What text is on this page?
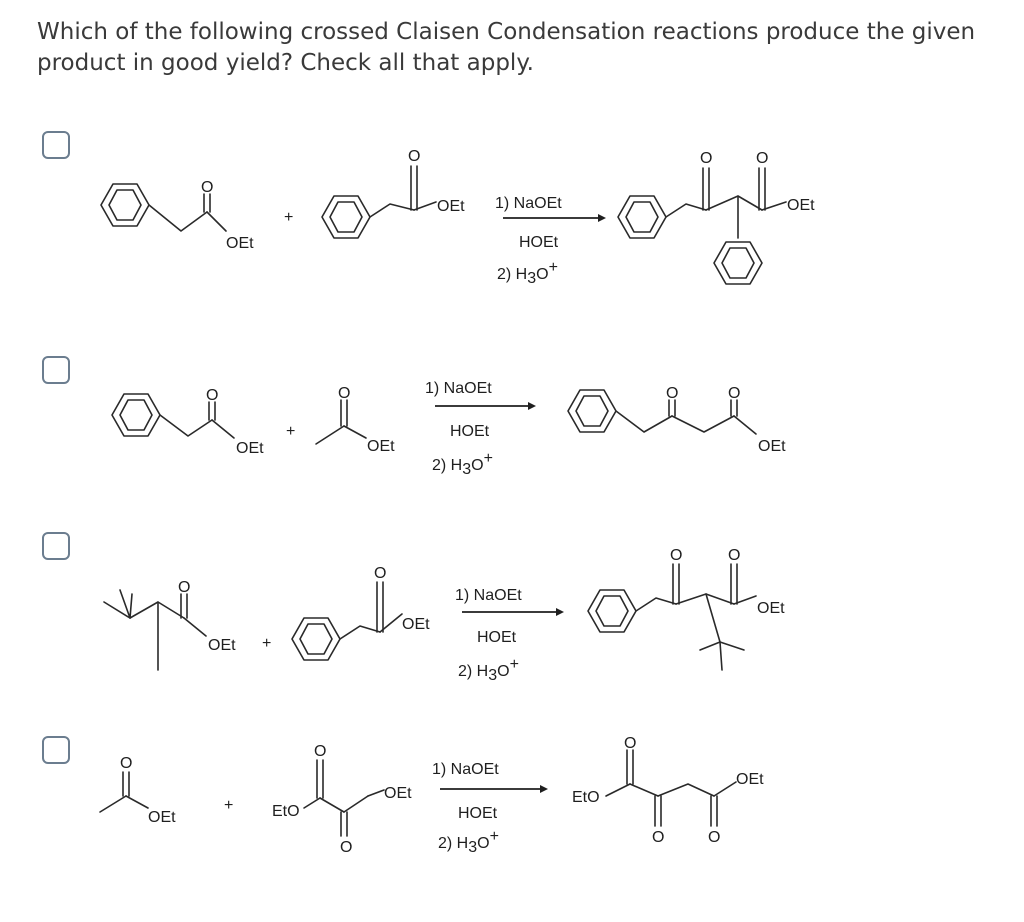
Which of the following crossed Claisen Condensation reactions produce the given product in good yield? Check all that apply.

O
OEt
+
O
OEt 1) NaOEt
HOEt
2) H3O+
O	O
OEt
O
OEt
+
O
OEt
1) NaOEt
HOEt
2) H3O+
O	O
OEt
O
OEt +
O
OEt
1) NaOEt
HOEt
2) H3O+
O	O
OEt
O
OEt
+ EtO
O
O
OEt
1) NaOEt
HOEt
2) H3O+
EtO
O
O	O
OEt
